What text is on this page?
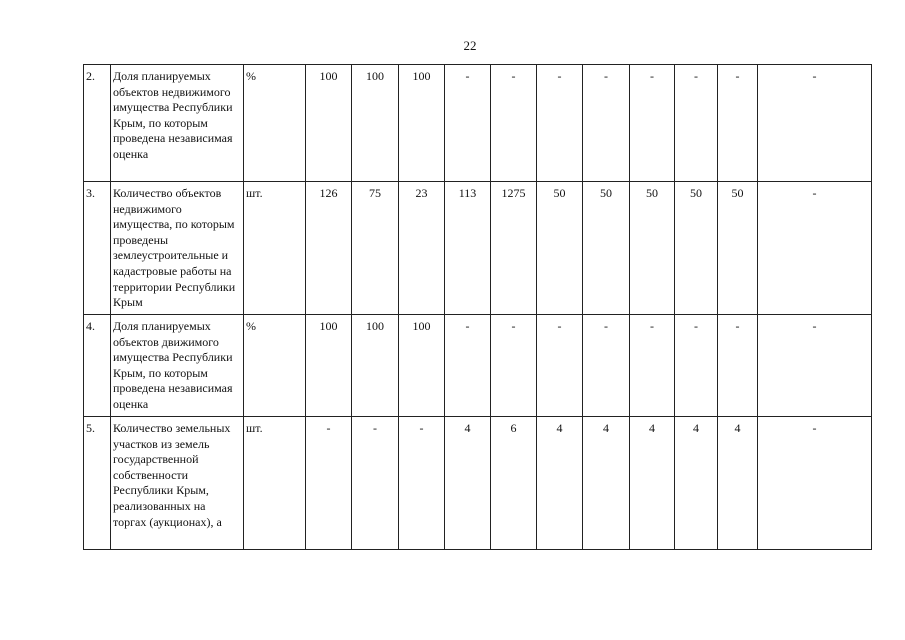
22
2.	Доля планируемых объектов недвижимого имущества Республики Крым, по которым проведена независимая оценка	%	100	100	100	-	-	-	-	-	-	-	-
3.	Количество объектов недвижимого имущества, по которым проведены землеустроительные и кадастровые работы на территории Республики Крым	шт.	126	75	23	113	1275	50	50	50	50	50	-
4.	Доля планируемых объектов движимого имущества Республики Крым, по которым проведена независимая оценка	%	100	100	100	-	-	-	-	-	-	-	-
5.	Количество земельных участков из земель государственной собственности Республики Крым, реализованных на торгах (аукционах), а	шт.	-	-	-	4	6	4	4	4	4	4	-
